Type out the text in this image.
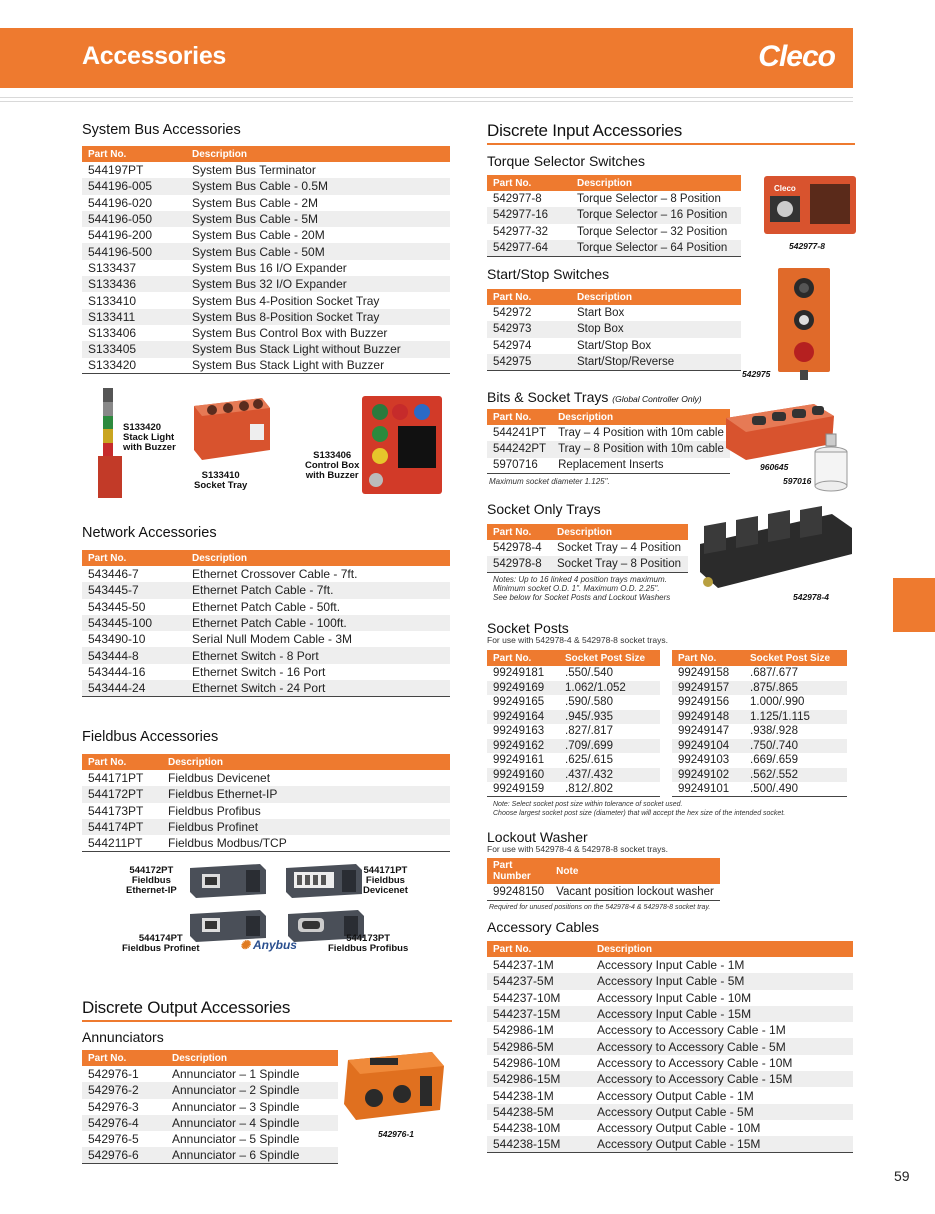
Accessories	Cleco
59
System Bus Accessories
Part No.	Description
544197PT	System Bus Terminator
544196-005	System Bus Cable - 0.5M
544196-020	System Bus Cable - 2M
544196-050	System Bus Cable - 5M
544196-200	System Bus Cable - 20M
544196-500	System Bus Cable - 50M
S133437	System Bus 16 I/O Expander
S133436	System Bus 32 I/O Expander
S133410	System Bus 4-Position Socket Tray
S133411	System Bus 8-Position Socket Tray
S133406	System Bus Control Box with Buzzer
S133405	System Bus Stack Light without Buzzer
S133420	System Bus Stack Light with Buzzer
S133420
Stack Light
with Buzzer
S133410
Socket Tray
S133406
Control Box
with Buzzer
Network Accessories
Part No.	Description
543446-7	Ethernet Crossover Cable - 7ft.
543445-7	Ethernet Patch Cable - 7ft.
543445-50	Ethernet Patch Cable - 50ft.
543445-100	Ethernet Patch Cable - 100ft.
543490-10	Serial Null Modem Cable - 3M
543444-8	Ethernet Switch - 8 Port
543444-16	Ethernet Switch - 16 Port
543444-24	Ethernet Switch - 24 Port
Fieldbus Accessories
Part No.	Description
544171PT	Fieldbus Devicenet
544172PT	Fieldbus Ethernet-IP
544173PT	Fieldbus Profibus
544174PT	Fieldbus Profinet
544211PT	Fieldbus Modbus/TCP
544172PT
Fieldbus
Ethernet-IP
544171PT
Fieldbus
Devicenet
544174PT
Fieldbus Profinet	✺ Anybus	544173PT
Fieldbus Profibus
Discrete Output Accessories
Annunciators
Part No.	Description
542976-1	Annunciator – 1 Spindle
542976-2	Annunciator – 2 Spindle
542976-3	Annunciator – 3 Spindle
542976-4	Annunciator – 4 Spindle
542976-5	Annunciator – 5 Spindle
542976-6	Annunciator – 6 Spindle
542976-1
Discrete Input Accessories
Torque Selector Switches
Part No.	Description
542977-8	Torque Selector – 8 Position
542977-16	Torque Selector – 16 Position
542977-32	Torque Selector – 32 Position
542977-64	Torque Selector – 64 Position
Cleco
542977-8
Start/Stop Switches
Part No.	Description
542972	Start Box
542973	Stop Box
542974	Start/Stop Box
542975	Start/Stop/Reverse
542975
Bits & Socket Trays (Global Controller Only)
Part No.	Description
544241PT	Tray – 4 Position with 10m cable
544242PT	Tray – 8 Position with 10m cable
5970716	Replacement Inserts
Maximum socket diameter 1.125".
960645
597016
Socket Only Trays
Part No.	Description
542978-4	Socket Tray – 4 Position
542978-8	Socket Tray – 8 Position
Notes: Up to 16 linked 4 position trays maximum.
Minimum socket O.D. 1". Maximum O.D. 2.25".
See below for Socket Posts and Lockout Washers	542978-4
Socket Posts
For use with 542978-4 & 542978-8 socket trays.
Part No.	Socket Post Size
99249181	.550/.540
99249169	1.062/1.052
99249165	.590/.580
99249164	.945/.935
99249163	.827/.817
99249162	.709/.699
99249161	.625/.615
99249160	.437/.432
99249159	.812/.802
Part No.	Socket Post Size
99249158	.687/.677
99249157	.875/.865
99249156	1.000/.990
99249148	1.125/1.115
99249147	.938/.928
99249104	.750/.740
99249103	.669/.659
99249102	.562/.552
99249101	.500/.490
Note: Select socket post size within tolerance of socket used.
Choose largest socket post size (diameter) that will accept the hex size of the intended socket.
Lockout Washer
For use with 542978-4 & 542978-8 socket trays.
Part Number	Note
99248150	Vacant position lockout washer
Required for unused positions on the 542978-4 & 542978-8 socket tray.
Accessory Cables
Part No.	Description
544237-1M	Accessory Input Cable - 1M
544237-5M	Accessory Input Cable - 5M
544237-10M	Accessory Input Cable - 10M
544237-15M	Accessory Input Cable - 15M
542986-1M	Accessory to Accessory Cable - 1M
542986-5M	Accessory to Accessory Cable - 5M
542986-10M	Accessory to Accessory Cable - 10M
542986-15M	Accessory to Accessory Cable - 15M
544238-1M	Accessory Output Cable - 1M
544238-5M	Accessory Output Cable - 5M
544238-10M	Accessory Output Cable - 10M
544238-15M	Accessory Output Cable - 15M
